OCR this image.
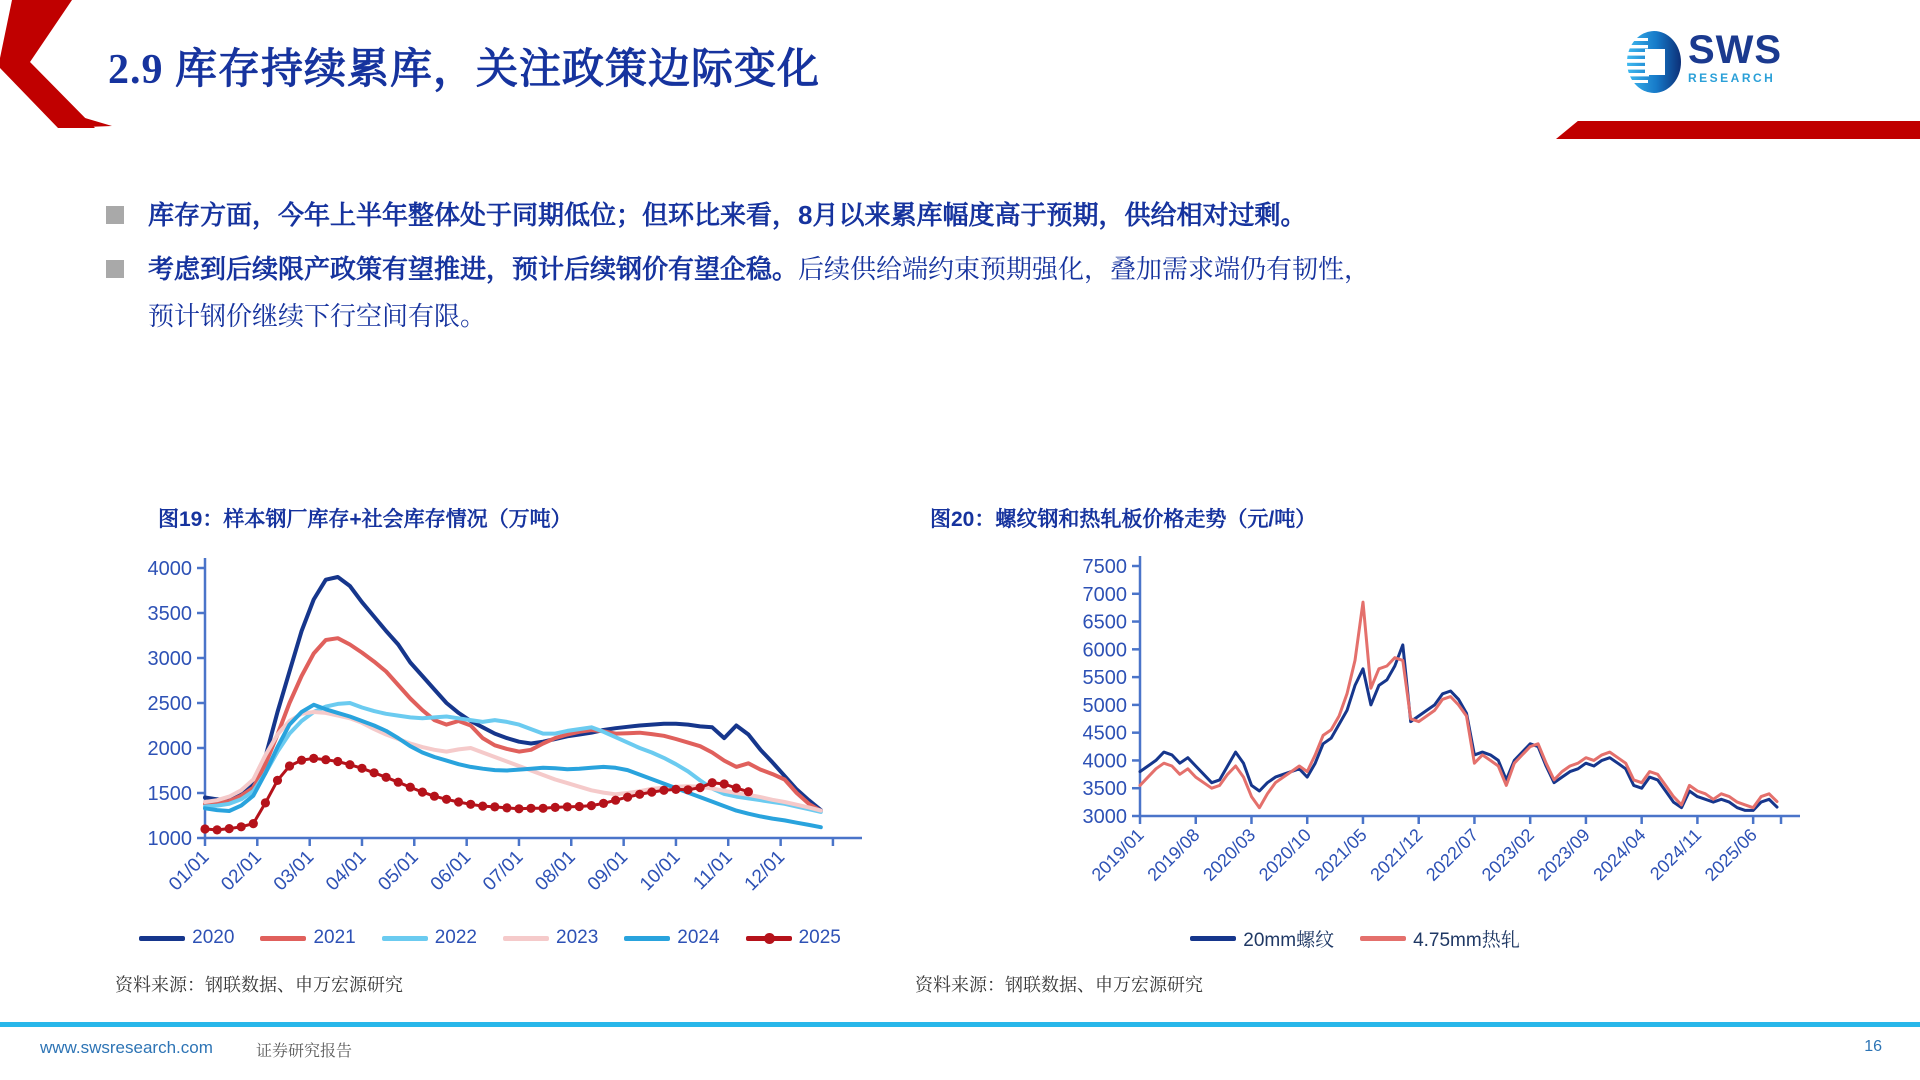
2.9 库存持续累库，关注政策边际变化	SWS
RESEARCH

库存方面，今年上半年整体处于同期低位；但环比来看，8月以来累库幅度高于预期，供给相对过剩。

考虑到后续限产政策有望推进，预计后续钢价有望企稳。后续供给端约束预期强化，叠加需求端仍有韧性，预计钢价继续下行空间有限。

图19：样本钢厂库存+社会库存情况（万吨）
1000
1500
2000
2500
3000
3500
4000
01/01 02/01 03/01 04/01 05/01 06/01 07/01 08/01 09/01 10/01 11/01 12/01
2020	2021	2022	2023	2024	2025
资料来源：钢联数据、申万宏源研究
图20：螺纹钢和热轧板价格走势（元/吨）
3000
3500
4000
4500
5000
5500
6000
6500
7000
7500
2019/01
2019/08
2020/03
2020/10
2021/05
2021/12
2022/07
2023/02
2023/09
2024/04
2024/11
2025/06
20mm螺纹	4.75mm热轧
资料来源：钢联数据、申万宏源研究
www.swsresearch.com	证券研究报告	16
